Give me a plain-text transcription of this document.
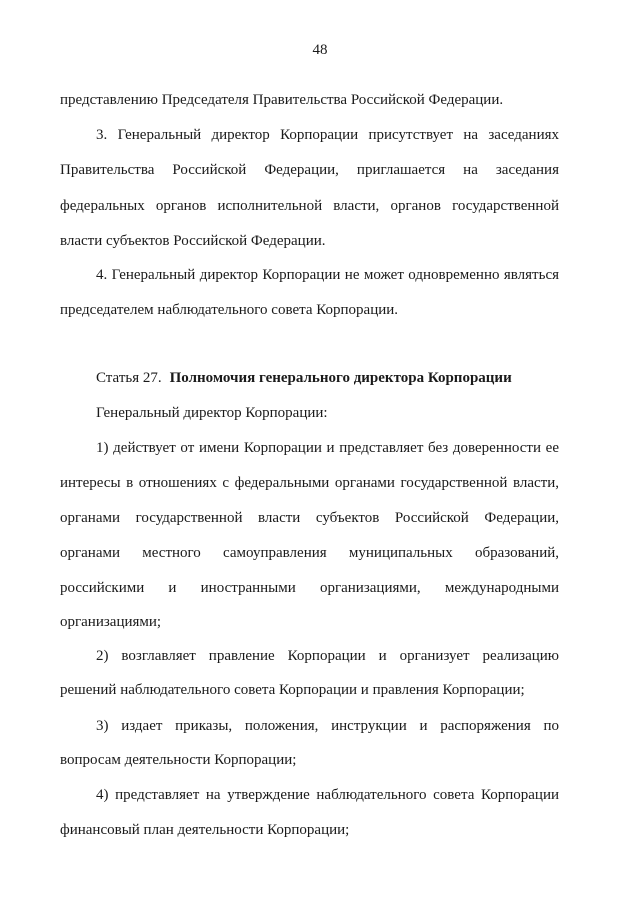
48
представлению Председателя Правительства Российской Федерации.
3. Генеральный директор Корпорации присутствует на заседаниях
Правительства Российской Федерации, приглашается на заседания
федеральных органов исполнительной власти, органов государственной
власти субъектов Российской Федерации.
4. Генеральный директор Корпорации не может одновременно являться
председателем наблюдательного совета Корпорации.
Генеральный директор Корпорации:
1) действует от имени Корпорации и представляет без доверенности ее
интересы в отношениях с федеральными органами государственной власти,
органами государственной власти субъектов Российской Федерации,
органами местного самоуправления муниципальных образований,
российскими и иностранными организациями, международными
организациями;
2) возглавляет правление Корпорации и организует реализацию
решений наблюдательного совета Корпорации и правления Корпорации;
3) издает приказы, положения, инструкции и распоряжения по
вопросам деятельности Корпорации;
4) представляет на утверждение наблюдательного совета Корпорации
финансовый план деятельности Корпорации;
Статья 27. Полномочия генерального директора Корпорации
